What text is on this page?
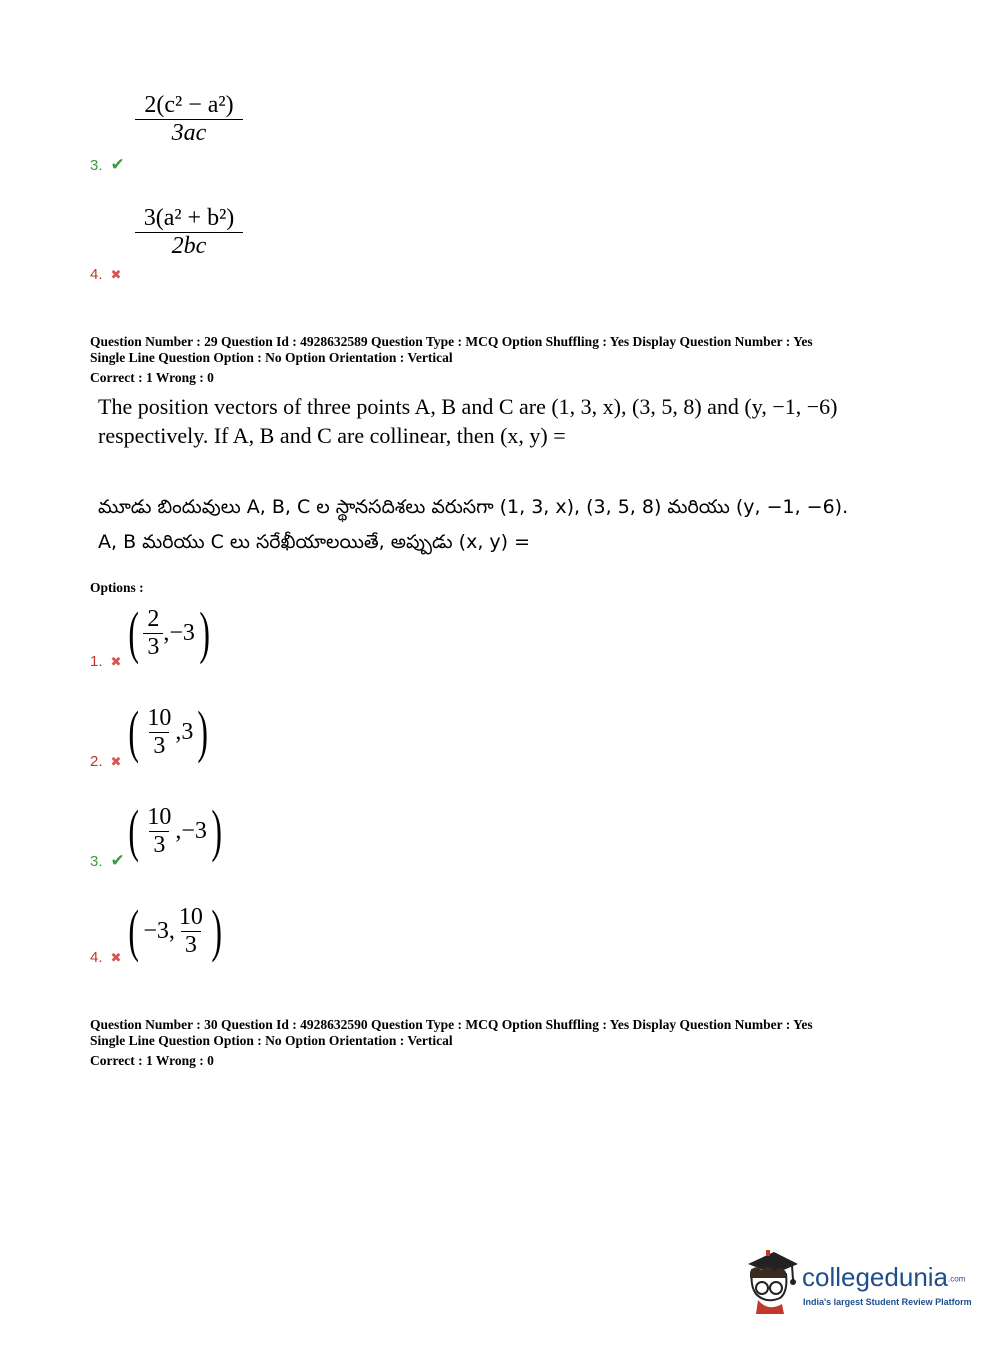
3. ✔
$\frac{\text{2(c² − a²)}}{3ac}$
4. ✖
$\frac{\text{3(a² + b²)}}{2bc}$
Question Number : 29 Question Id : 4928632589 Question Type : MCQ Option Shuffling : Yes Display Question Number : Yes
Single Line Question Option : No Option Orientation : Vertical
Correct : 1 Wrong : 0
The position vectors of three points A, B and C are (1, 3, x), (3, 5, 8) and (y, −1, −6)
respectively. If A, B and C are collinear, then (x, y) =
మూడు బిందువులు A, B, C ల స్థానసదిశలు వరుసగా (1, 3, x), (3, 5, 8) మరియు (y, −1, −6).
A, B మరియు C లు సరేఖీయాలయితే, అప్పుడు (x, y) =
Options :
1. ✖ ( $\frac{2}{3}$ , −3 )
2. ✖ ( $\frac{10}{3}$ , 3 )
3. ✔ ( $\frac{10}{3}$ , −3 )
4. ✖ ( −3 , $\frac{10}{3}$ )
Question Number : 30 Question Id : 4928632590 Question Type : MCQ Option Shuffling : Yes Display Question Number : Yes
Single Line Question Option : No Option Orientation : Vertical
Correct : 1 Wrong : 0
collegedunia.com
India's largest Student Review Platform
